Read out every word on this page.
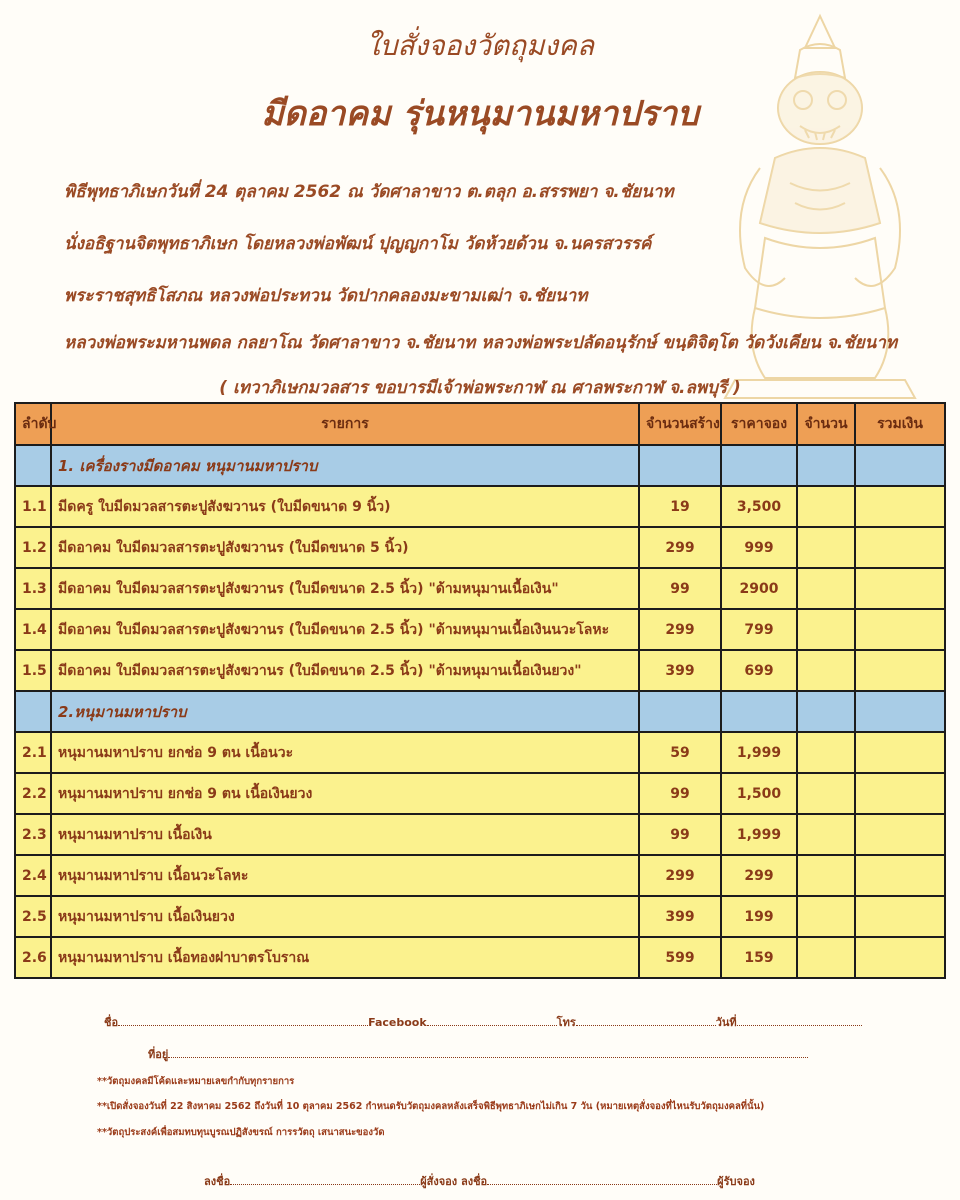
ใบสั่งจองวัตถุมงคล
มีดอาคม รุ่นหนุมานมหาปราบ
พิธีพุทธาภิเษกวันที่ 24 ตุลาคม 2562 ณ วัดศาลาขาว ต.ตลุก อ.สรรพยา จ.ชัยนาท
นั่งอธิฐานจิตพุทธาภิเษก โดยหลวงพ่อพัฒน์ ปุญญกาโม วัดห้วยด้วน จ.นครสวรรค์
พระราชสุทธิโสภณ หลวงพ่อประทวน วัดปากคลองมะขามเฒ่า จ.ชัยนาท
หลวงพ่อพระมหานพดล กลยาโณ วัดศาลาขาว จ.ชัยนาท หลวงพ่อพระปลัดอนุรักษ์ ขนฺติจิตฺโต วัดวังเคียน จ.ชัยนาท
( เทวาภิเษกมวลสาร ขอบารมีเจ้าพ่อพระกาฬ ณ ศาลพระกาฬ จ.ลพบุรี )
ลำดับ	รายการ	จำนวนสร้าง	ราคาจอง	จำนวน	รวมเงิน
	1. เครื่องรางมีดอาคม หนุมานมหาปราบ				
1.1	มีดครู ใบมีดมวลสารตะปูสังฆวานร (ใบมีดขนาด 9 นิ้ว)	19	3,500		
1.2	มีดอาคม ใบมีดมวลสารตะปูสังฆวานร (ใบมีดขนาด 5 นิ้ว)	299	999		
1.3	มีดอาคม ใบมีดมวลสารตะปูสังฆวานร (ใบมีดขนาด 2.5 นิ้ว) "ด้ามหนุมานเนื้อเงิน"	99	2900		
1.4	มีดอาคม ใบมีดมวลสารตะปูสังฆวานร (ใบมีดขนาด 2.5 นิ้ว) "ด้ามหนุมานเนื้อเงินนวะโลหะ	299	799		
1.5	มีดอาคม ใบมีดมวลสารตะปูสังฆวานร (ใบมีดขนาด 2.5 นิ้ว) "ด้ามหนุมานเนื้อเงินยวง"	399	699		
	2.หนุมานมหาปราบ				
2.1	หนุมานมหาปราบ ยกช่อ 9 ตน เนื้อนวะ	59	1,999		
2.2	หนุมานมหาปราบ ยกช่อ 9 ตน เนื้อเงินยวง	99	1,500		
2.3	หนุมานมหาปราบ เนื้อเงิน	99	1,999		
2.4	หนุมานมหาปราบ เนื้อนวะโลหะ	299	299		
2.5	หนุมานมหาปราบ เนื้อเงินยวง	399	199		
2.6	หนุมานมหาปราบ เนื้อทองฝาบาตรโบราณ	599	159		
ชื่อ	Facebook	โทร	วันที่
ที่อยู่
**วัตถุมงคลมีโค้ดและหมายเลขกำกับทุกรายการ
**เปิดสั่งจองวันที่ 22 สิงหาคม 2562 ถึงวันที่ 10 ตุลาคม 2562 กำหนดรับวัตถุมงคลหลังเสร็จพิธีพุทธาภิเษกไม่เกิน 7 วัน (หมายเหตุสั่งจองที่ไหนรับวัตถุมงคลที่นั้น)
**วัตถุประสงค์เพื่อสมทบทุนบูรณปฏิสังขรณ์ การรวัตถุ เสนาสนะของวัด
ลงชื่อ	ผู้สั่งจอง ลงชื่อ	ผู้รับจอง
